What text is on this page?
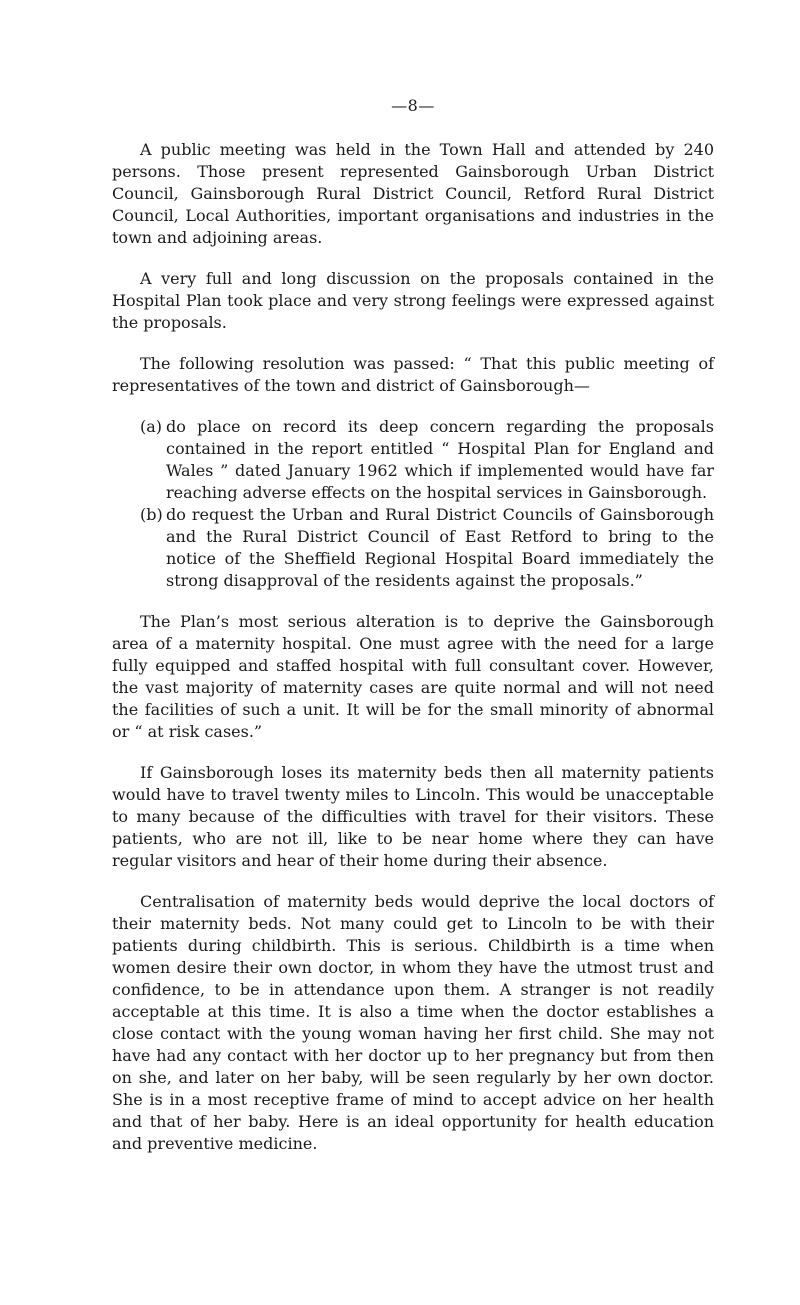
—8—

A public meeting was held in the Town Hall and attended by 240 persons. Those present represented Gainsborough Urban District Council, Gainsborough Rural District Council, Retford Rural District Council, Local Authorities, important organisations and industries in the town and adjoining areas.

A very full and long discussion on the proposals contained in the Hospital Plan took place and very strong feelings were expressed against the proposals.

The following resolution was passed: “ That this public meeting of representatives of the town and district of Gainsborough—

(a) do place on record its deep concern regarding the proposals contained in the report entitled “ Hospital Plan for England and Wales ” dated January 1962 which if implemented would have far reaching adverse effects on the hospital services in Gainsborough.
(b) do request the Urban and Rural District Councils of Gainsborough and the Rural District Council of East Retford to bring to the notice of the Sheffield Regional Hospital Board immediately the strong disapproval of the residents against the proposals.”

The Plan’s most serious alteration is to deprive the Gainsborough area of a maternity hospital. One must agree with the need for a large fully equipped and staffed hospital with full consultant cover. However, the vast majority of maternity cases are quite normal and will not need the facilities of such a unit. It will be for the small minority of abnormal or “ at risk cases.”

If Gainsborough loses its maternity beds then all maternity patients would have to travel twenty miles to Lincoln. This would be unacceptable to many because of the difficulties with travel for their visitors. These patients, who are not ill, like to be near home where they can have regular visitors and hear of their home during their absence.

Centralisation of maternity beds would deprive the local doctors of their maternity beds. Not many could get to Lincoln to be with their patients during childbirth. This is serious. Childbirth is a time when women desire their own doctor, in whom they have the utmost trust and confidence, to be in attendance upon them. A stranger is not readily acceptable at this time. It is also a time when the doctor establishes a close contact with the young woman having her first child. She may not have had any contact with her doctor up to her pregnancy but from then on she, and later on her baby, will be seen regularly by her own doctor. She is in a most receptive frame of mind to accept advice on her health and that of her baby. Here is an ideal opportunity for health education and preventive medicine.
